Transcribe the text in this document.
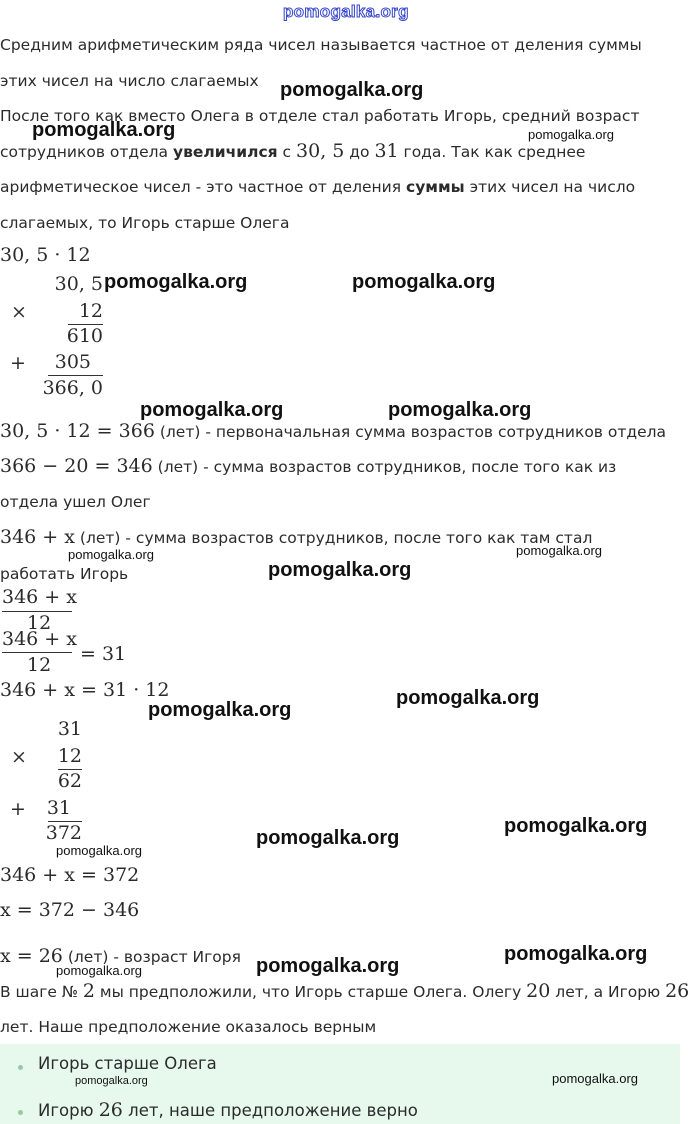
pomogalka.org
Средним арифметическим ряда чисел называется частное от деления суммы
этих чисел на число слагаемых
После того как вместо Олега в отделе стал работать Игорь, средний возраст
сотрудников отдела увеличился с 30, 5 до 31 года. Так как среднее
арифметическое чисел - это частное от деления суммы этих чисел на число
слагаемых, то Игорь старше Олега
30, 5 · 12
30, 5
×	12
610
+	305
366, 0
30, 5 · 12 = 366 (лет) - первоначальная сумма возрастов сотрудников отдела
366 − 20 = 346 (лет) - сумма возрастов сотрудников, после того как из
отдела ушел Олег
346 + x (лет) - сумма возрастов сотрудников, после того как там стал
работать Игорь
346 + x
12
346 + x
12 = 31
346 + x = 31 · 12
31
×	12
62
+	31
372
346 + x = 372
x = 372 − 346
x = 26 (лет) - возраст Игоря
В шаге № 2 мы предположили, что Игорь старше Олега. Олегу 20 лет, а Игорю 26
лет. Наше предположение оказалось верным
Игорь старше Олега
Игорю 26 лет, наше предположение верно
pomogalka.org
pomogalka.org
pomogalka.org	pomogalka.org
pomogalka.org	pomogalka.org
pomogalka.org
pomogalka.org
pomogalka.org
pomogalka.org
pomogalka.org
pomogalka.org
pomogalka.org
pomogalka.org
pomogalka.org	pomogalka.org
pomogalka.org
pomogalka.org
pomogalka.org	pomogalka.org
